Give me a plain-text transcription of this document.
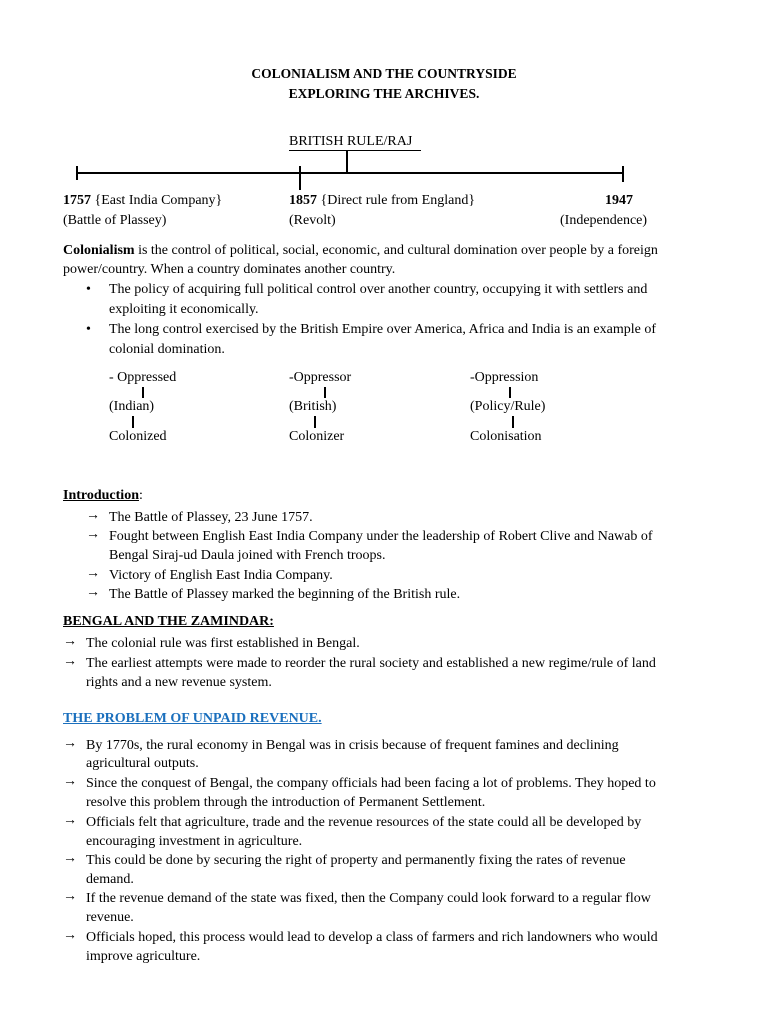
COLONIALISM AND THE COUNTRYSIDE
EXPLORING THE ARCHIVES.
BRITISH RULE/RAJ
1757 {East India Company}
(Battle of Plassey)
1857 {Direct rule from England}
(Revolt)
1947
(Independence)
Colonialism is the control of political, social, economic, and cultural domination over people by a foreign
power/country. When a country dominates another country.
• The policy of acquiring full political control over another country, occupying it with settlers and
exploiting it economically.
• The long control exercised by the British Empire over America, Africa and India is an example of
colonial domination.
- Oppressed
(Indian)
Colonized
-Oppressor
(British)
Colonizer
-Oppression
(Policy/Rule)
Colonisation
Introduction:
→ The Battle of Plassey, 23 June 1757.
→ Fought between English East India Company under the leadership of Robert Clive and Nawab of
Bengal Siraj-ud Daula joined with French troops.
→ Victory of English East India Company.
→ The Battle of Plassey marked the beginning of the British rule.
BENGAL AND THE ZAMINDAR:
→ The colonial rule was first established in Bengal.
→ The earliest attempts were made to reorder the rural society and established a new regime/rule of land
rights and a new revenue system.
THE PROBLEM OF UNPAID REVENUE.
→ By 1770s, the rural economy in Bengal was in crisis because of frequent famines and declining
agricultural outputs.
→ Since the conquest of Bengal, the company officials had been facing a lot of problems. They hoped to
resolve this problem through the introduction of Permanent Settlement.
→ Officials felt that agriculture, trade and the revenue resources of the state could all be developed by
encouraging investment in agriculture.
→ This could be done by securing the right of property and permanently fixing the rates of revenue
demand.
→ If the revenue demand of the state was fixed, then the Company could look forward to a regular flow
revenue.
→ Officials hoped, this process would lead to develop a class of farmers and rich landowners who would
improve agriculture.
